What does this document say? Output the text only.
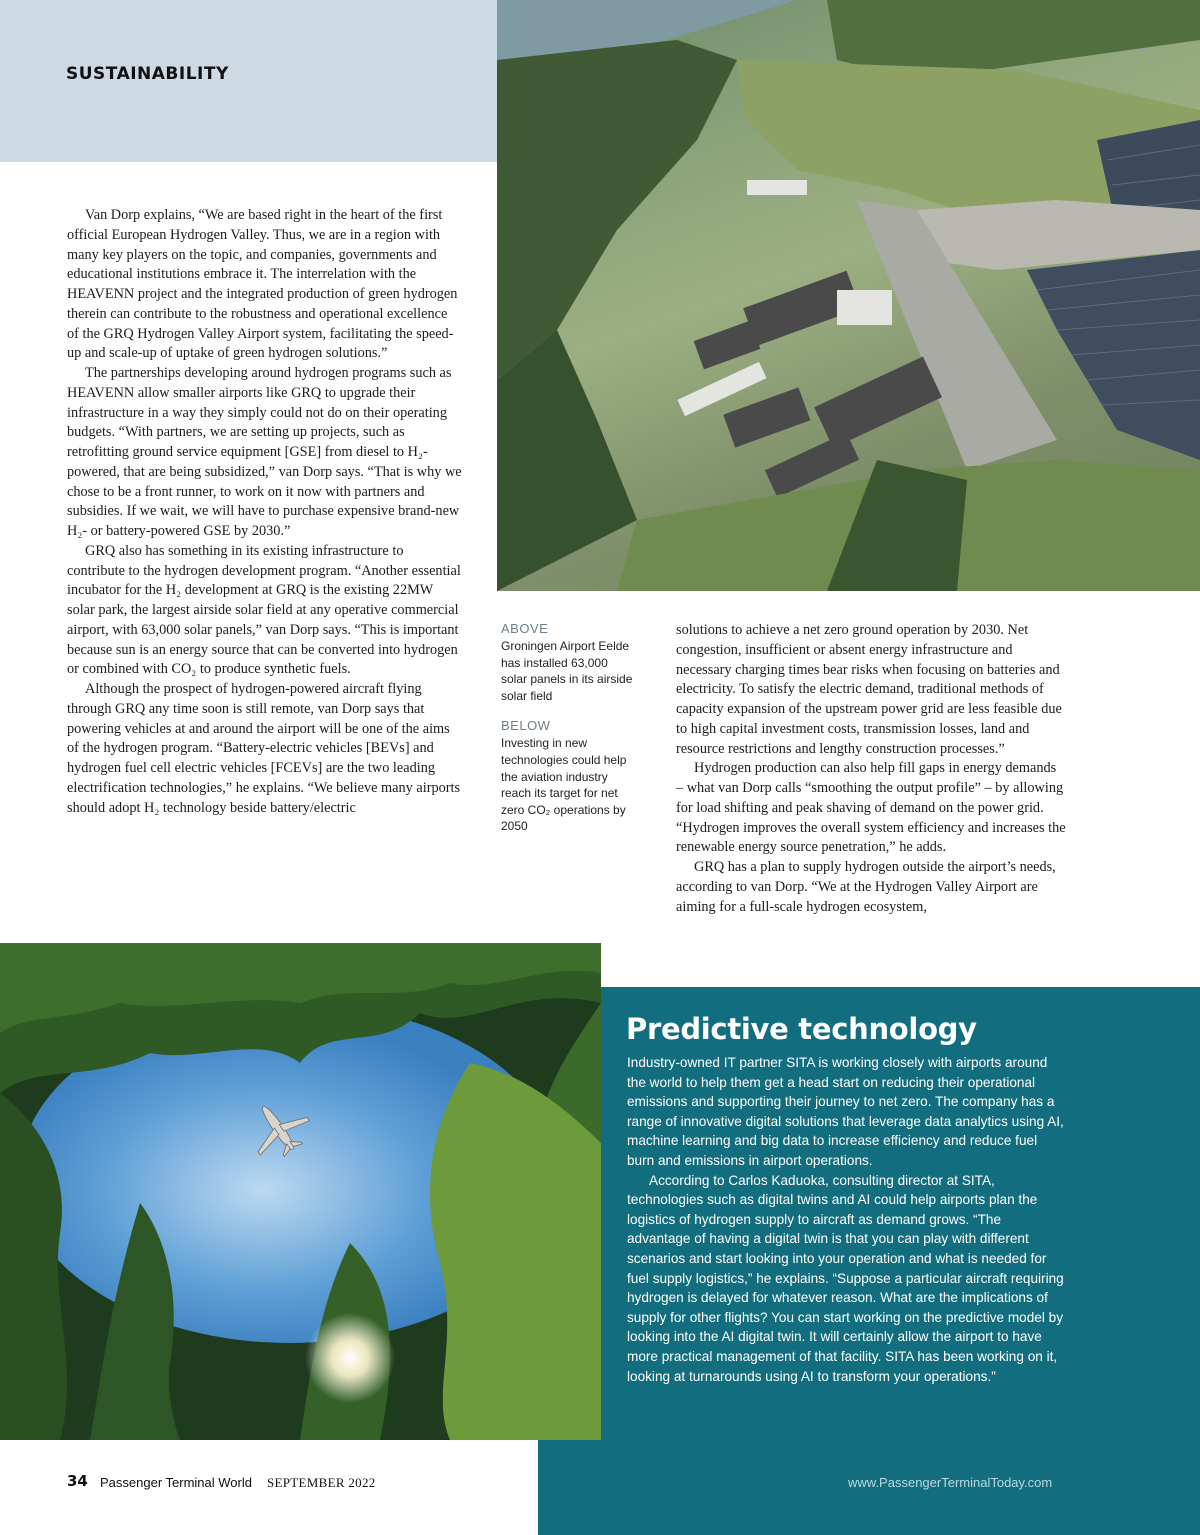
SUSTAINABILITY

Van Dorp explains, “We are based right in the heart of the first official European Hydrogen Valley. Thus, we are in a region with many key players on the topic, and companies, governments and educational institutions embrace it. The interrelation with the HEAVENN project and the integrated production of green hydrogen therein can contribute to the robustness and operational excellence of the GRQ Hydrogen Valley Airport system, facilitating the speed-up and scale-up of uptake of green hydrogen solutions.”

The partnerships developing around hydrogen programs such as HEAVENN allow smaller airports like GRQ to upgrade their infrastructure in a way they simply could not do on their operating budgets. “With partners, we are setting up projects, such as retrofitting ground service equipment [GSE] from diesel to H₂-powered, that are being subsidized,” van Dorp says. “That is why we chose to be a front runner, to work on it now with partners and subsidies. If we wait, we will have to purchase expensive brand-new H₂- or battery-powered GSE by 2030.”

GRQ also has something in its existing infrastructure to contribute to the hydrogen development program. “Another essential incubator for the H₂ development at GRQ is the existing 22MW solar park, the largest airside solar field at any operative commercial airport, with 63,000 solar panels,” van Dorp says. “This is important because sun is an energy source that can be converted into hydrogen or combined with CO₂ to produce synthetic fuels.

Although the prospect of hydrogen-powered aircraft flying through GRQ any time soon is still remote, van Dorp says that powering vehicles at and around the airport will be one of the aims of the hydrogen program. “Battery-electric vehicles [BEVs] and hydrogen fuel cell electric vehicles [FCEVs] are the two leading electrification technologies,” he explains. “We believe many airports should adopt H₂ technology beside battery/electric

ABOVE
Groningen Airport Eelde has installed 63,000 solar panels in its airside solar field
BELOW
Investing in new technologies could help the aviation industry reach its target for net zero CO₂ operations by 2050

solutions to achieve a net zero ground operation by 2030. Net congestion, insufficient or absent energy infrastructure and necessary charging times bear risks when focusing on batteries and electricity. To satisfy the electric demand, traditional methods of capacity expansion of the upstream power grid are less feasible due to high capital investment costs, transmission losses, land and resource restrictions and lengthy construction processes.”

Hydrogen production can also help fill gaps in energy demands – what van Dorp calls “smoothing the output profile” – by allowing for load shifting and peak shaving of demand on the power grid. “Hydrogen improves the overall system efficiency and increases the renewable energy source penetration,” he adds.

GRQ has a plan to supply hydrogen outside the airport’s needs, according to van Dorp. “We at the Hydrogen Valley Airport are aiming for a full-scale hydrogen ecosystem,

Predictive technology

Industry-owned IT partner SITA is working closely with airports around the world to help them get a head start on reducing their operational emissions and supporting their journey to net zero. The company has a range of innovative digital solutions that leverage data analytics using AI, machine learning and big data to increase efficiency and reduce fuel burn and emissions in airport operations.

According to Carlos Kaduoka, consulting director at SITA, technologies such as digital twins and AI could help airports plan the logistics of hydrogen supply to aircraft as demand grows. “The advantage of having a digital twin is that you can play with different scenarios and start looking into your operation and what is needed for fuel supply logistics,” he explains. “Suppose a particular aircraft requiring hydrogen is delayed for whatever reason. What are the implications of supply for other flights? You can start working on the predictive model by looking into the AI digital twin. It will certainly allow the airport to have more practical management of that facility. SITA has been working on it, looking at turnarounds using AI to transform your operations.”

34 Passenger Terminal World SEPTEMBER 2022	www.PassengerTerminalToday.com
